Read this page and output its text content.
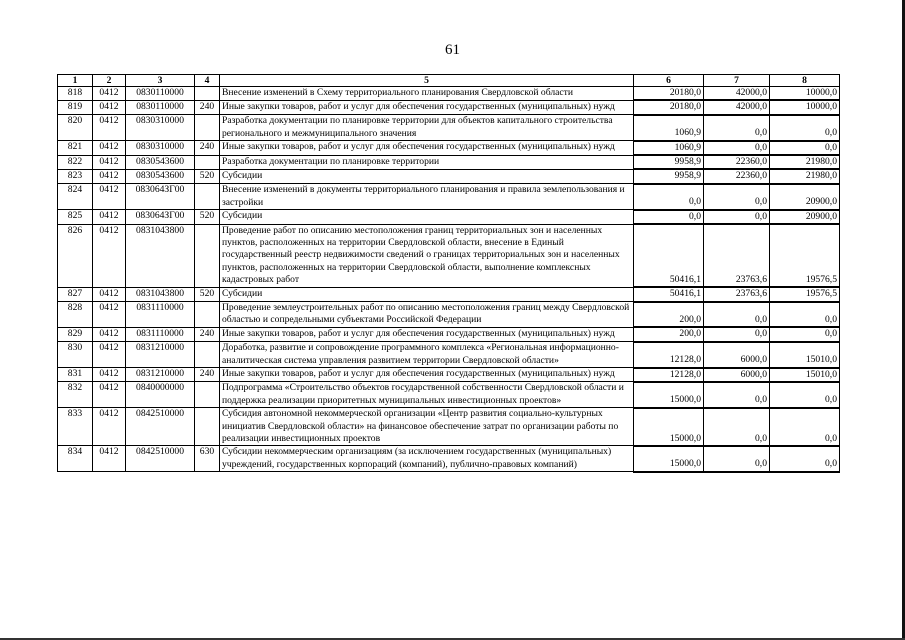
61
1	2	3	4	5	6	7	8
818	0412	0830110000		Внесение изменений в Схему территориального планирования Свердловской области	20180,0	42000,0	10000,0
819	0412	0830110000	240	Иные закупки товаров, работ и услуг для обеспечения государственных (муниципальных) нужд	20180,0	42000,0	10000,0
820	0412	0830310000		Разработка документации по планировке территории для объектов капитального строительства регионального и межмуниципального значения	1060,9	0,0	0,0
821	0412	0830310000	240	Иные закупки товаров, работ и услуг для обеспечения государственных (муниципальных) нужд	1060,9	0,0	0,0
822	0412	0830543600		Разработка документации по планировке территории	9958,9	22360,0	21980,0
823	0412	0830543600	520	Субсидии	9958,9	22360,0	21980,0
824	0412	083064ЗГ00		Внесение изменений в документы территориального планирования и правила землепользования и застройки	0,0	0,0	20900,0
825	0412	083064ЗГ00	520	Субсидии	0,0	0,0	20900,0
826	0412	0831043800		Проведение работ по описанию местоположения границ территориальных зон и населенных пунктов, расположенных на территории Свердловской области, внесение в Единый государственный реестр недвижимости сведений о границах территориальных зон и населенных пунктов, расположенных на территории Свердловской области, выполнение комплексных кадастровых работ	50416,1	23763,6	19576,5
827	0412	0831043800	520	Субсидии	50416,1	23763,6	19576,5
828	0412	0831110000		Проведение землеустроительных работ по описанию местоположения границ между Свердловской областью и сопредельными субъектами Российской Федерации	200,0	0,0	0,0
829	0412	0831110000	240	Иные закупки товаров, работ и услуг для обеспечения государственных (муниципальных) нужд	200,0	0,0	0,0
830	0412	0831210000		Доработка, развитие и сопровождение программного комплекса «Региональная информационно-аналитическая система управления развитием территории Свердловской области»	12128,0	6000,0	15010,0
831	0412	0831210000	240	Иные закупки товаров, работ и услуг для обеспечения государственных (муниципальных) нужд	12128,0	6000,0	15010,0
832	0412	0840000000		Подпрограмма «Строительство объектов государственной собственности Свердловской области и поддержка реализации приоритетных муниципальных инвестиционных проектов»	15000,0	0,0	0,0
833	0412	0842510000		Субсидия автономной некоммерческой организации «Центр развития социально-культурных инициатив Свердловской области» на финансовое обеспечение затрат по организации работы по реализации инвестиционных проектов	15000,0	0,0	0,0
834	0412	0842510000	630	Субсидии некоммерческим организациям (за исключением государственных (муниципальных) учреждений, государственных корпораций (компаний), публично-правовых компаний)	15000,0	0,0	0,0
